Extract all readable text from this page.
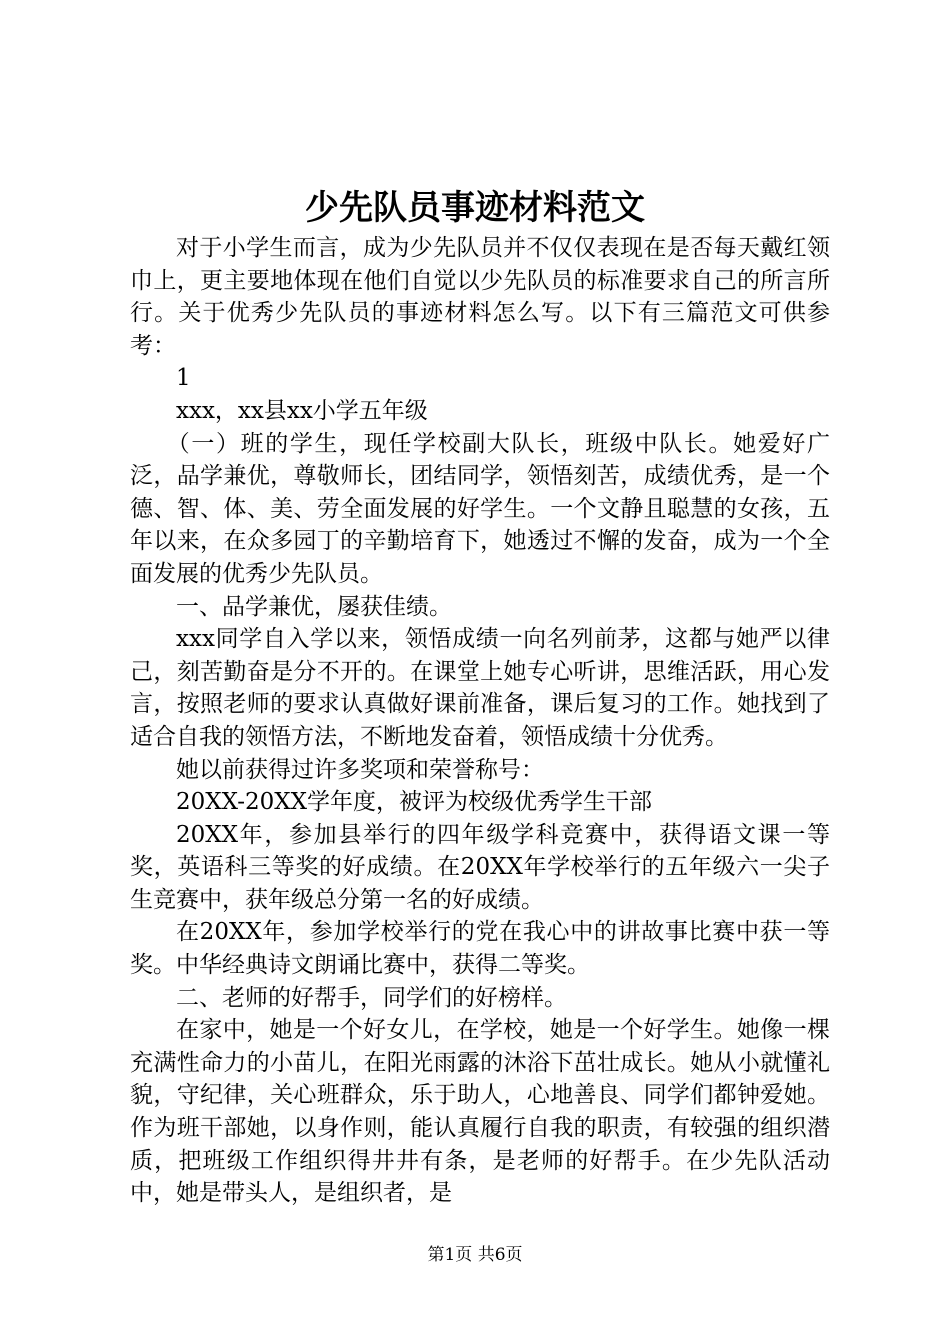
少先队员事迹材料范文

对于小学生而言，成为少先队员并不仅仅表现在是否每天戴红领巾上，更主要地体现在他们自觉以少先队员的标准要求自己的所言所行。关于优秀少先队员的事迹材料怎么写。以下有三篇范文可供参考：

1

xxx，xx县xx小学五年级

（一）班的学生，现任学校副大队长，班级中队长。她爱好广泛，品学兼优，尊敬师长，团结同学，领悟刻苦，成绩优秀，是一个德、智、体、美、劳全面发展的好学生。一个文静且聪慧的女孩，五年以来，在众多园丁的辛勤培育下，她透过不懈的发奋，成为一个全面发展的优秀少先队员。

一、品学兼优，屡获佳绩。

xxx同学自入学以来，领悟成绩一向名列前茅，这都与她严以律己，刻苦勤奋是分不开的。在课堂上她专心听讲，思维活跃，用心发言，按照老师的要求认真做好课前准备，课后复习的工作。她找到了适合自我的领悟方法，不断地发奋着，领悟成绩十分优秀。

她以前获得过许多奖项和荣誉称号：

20XX-20XX学年度，被评为校级优秀学生干部

20XX年，参加县举行的四年级学科竞赛中，获得语文课一等奖，英语科三等奖的好成绩。在20XX年学校举行的五年级六一尖子生竞赛中，获年级总分第一名的好成绩。

在20XX年，参加学校举行的党在我心中的讲故事比赛中获一等奖。中华经典诗文朗诵比赛中，获得二等奖。

二、老师的好帮手，同学们的好榜样。

在家中，她是一个好女儿，在学校，她是一个好学生。她像一棵充满性命力的小苗儿，在阳光雨露的沐浴下茁壮成长。她从小就懂礼貌，守纪律，关心班群众，乐于助人，心地善良、同学们都钟爱她。作为班干部她，以身作则，能认真履行自我的职责，有较强的组织潜质，把班级工作组织得井井有条，是老师的好帮手。在少先队活动中，她是带头人，是组织者，是

第1页 共6页
